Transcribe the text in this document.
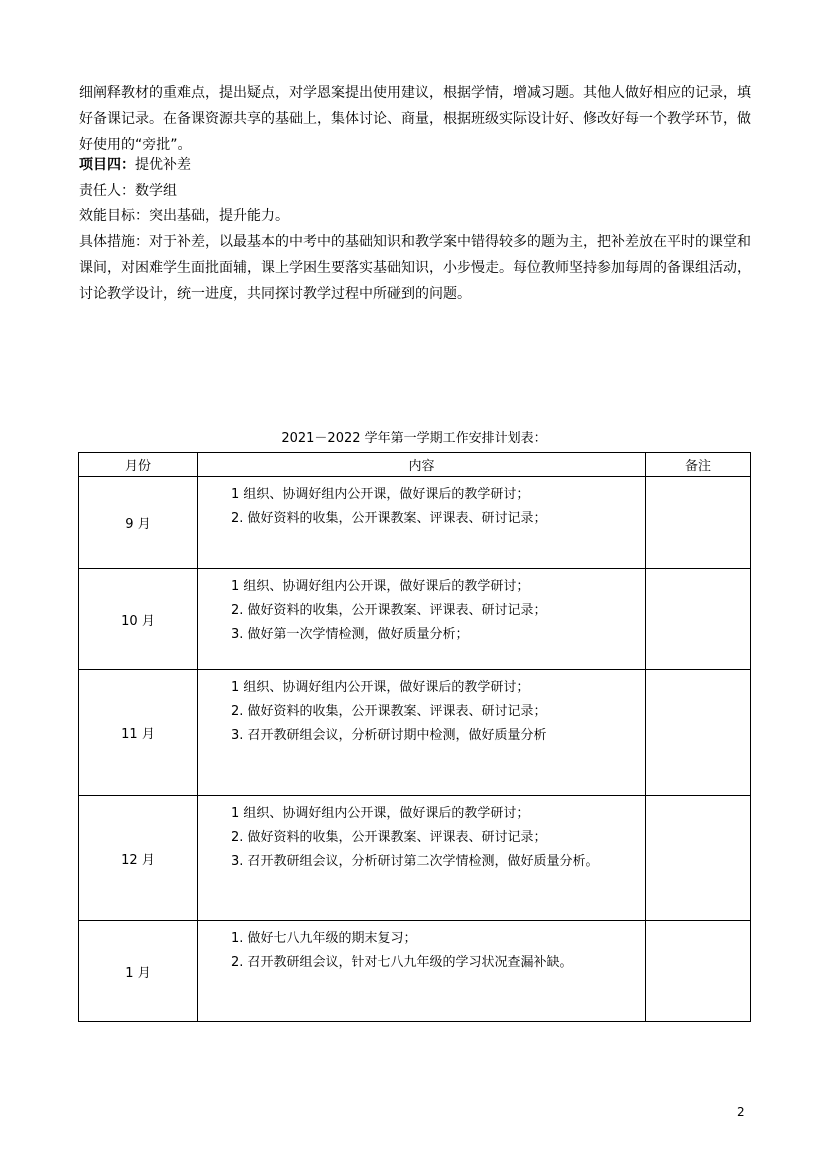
细阐释教材的重难点，提出疑点，对学恩案提出使用建议，根据学情，增减习题。其他人做好相应的记录，填好备课记录。在备课资源共享的基础上，集体讨论、商量，根据班级实际设计好、修改好每一个教学环节，做好使用的“旁批”。

项目四：提优补差
责任人：数学组
效能目标：突出基础，提升能力。

具体措施：对于补差，以最基本的中考中的基础知识和教学案中错得较多的题为主，把补差放在平时的课堂和课间，对困难学生面批面辅，课上学困生要落实基础知识，小步慢走。每位教师坚持参加每周的备课组活动，讨论教学设计，统一进度，共同探讨教学过程中所碰到的问题。

2021－2022 学年第一学期工作安排计划表：

月份	内容	备注
9 月	1 组织、协调好组内公开课，做好课后的教学研讨；
2. 做好资料的收集，公开课教案、评课表、研讨记录；	

10 月	1 组织、协调好组内公开课，做好课后的教学研讨；
2. 做好资料的收集，公开课教案、评课表、研讨记录；
3. 做好第一次学情检测，做好质量分析；	

11 月	1 组织、协调好组内公开课，做好课后的教学研讨；
2. 做好资料的收集，公开课教案、评课表、研讨记录；
3. 召开教研组会议，分析研讨期中检测，做好质量分析	

12 月	1 组织、协调好组内公开课，做好课后的教学研讨；
2. 做好资料的收集，公开课教案、评课表、研讨记录；
3. 召开教研组会议，分析研讨第二次学情检测，做好质量分析。	

1 月	1. 做好七八九年级的期末复习；
2. 召开教研组会议，针对七八九年级的学习状况查漏补缺。	

2
